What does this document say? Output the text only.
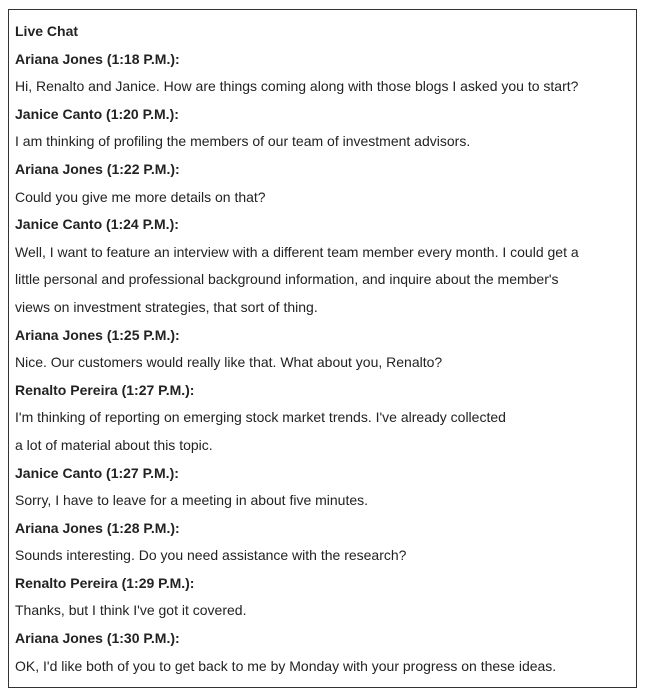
Live Chat
Ariana Jones (1:18 P.M.):
Hi, Renalto and Janice. How are things coming along with those blogs I asked you to start?
Janice Canto (1:20 P.M.):
I am thinking of profiling the members of our team of investment advisors.
Ariana Jones (1:22 P.M.):
Could you give me more details on that?
Janice Canto (1:24 P.M.):
Well, I want to feature an interview with a different team member every month. I could get a
little personal and professional background information, and inquire about the member's
views on investment strategies, that sort of thing.
Ariana Jones (1:25 P.M.):
Nice. Our customers would really like that. What about you, Renalto?
Renalto Pereira (1:27 P.M.):
I'm thinking of reporting on emerging stock market trends. I've already collected
a lot of material about this topic.
Janice Canto (1:27 P.M.):
Sorry, I have to leave for a meeting in about five minutes.
Ariana Jones (1:28 P.M.):
Sounds interesting. Do you need assistance with the research?
Renalto Pereira (1:29 P.M.):
Thanks, but I think I've got it covered.
Ariana Jones (1:30 P.M.):
OK, I'd like both of you to get back to me by Monday with your progress on these ideas.
